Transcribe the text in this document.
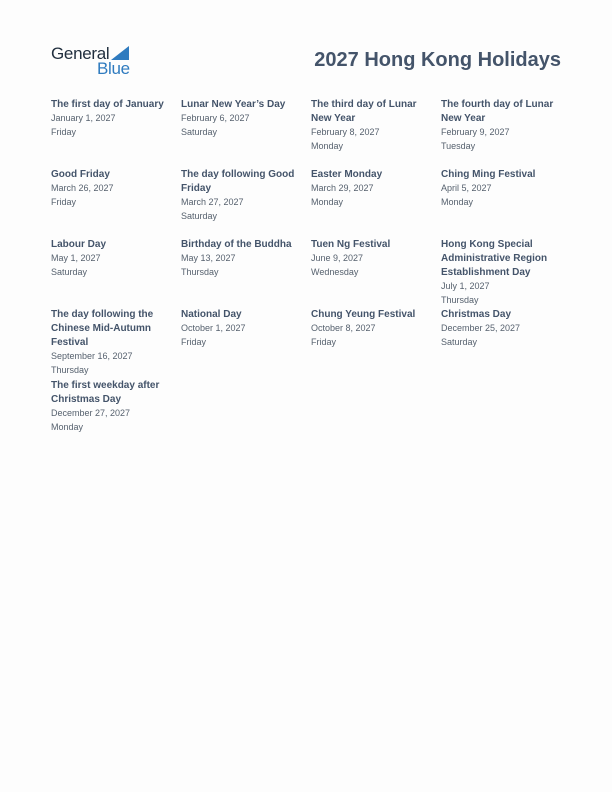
General
Blue	2027 Hong Kong Holidays
The first day of January
January 1, 2027
Friday
Lunar New Year’s Day
February 6, 2027
Saturday
The third day of Lunar New Year
February 8, 2027
Monday
The fourth day of Lunar New Year
February 9, 2027
Tuesday
Good Friday
March 26, 2027
Friday
The day following Good Friday
March 27, 2027
Saturday
Easter Monday
March 29, 2027
Monday
Ching Ming Festival
April 5, 2027
Monday
Labour Day
May 1, 2027
Saturday
Birthday of the Buddha
May 13, 2027
Thursday
Tuen Ng Festival
June 9, 2027
Wednesday
Hong Kong Special Administrative Region Establishment Day
July 1, 2027
Thursday
The day following the Chinese Mid-Autumn Festival
September 16, 2027
Thursday
National Day
October 1, 2027
Friday
Chung Yeung Festival
October 8, 2027
Friday
Christmas Day
December 25, 2027
Saturday
The first weekday after Christmas Day
December 27, 2027
Monday
